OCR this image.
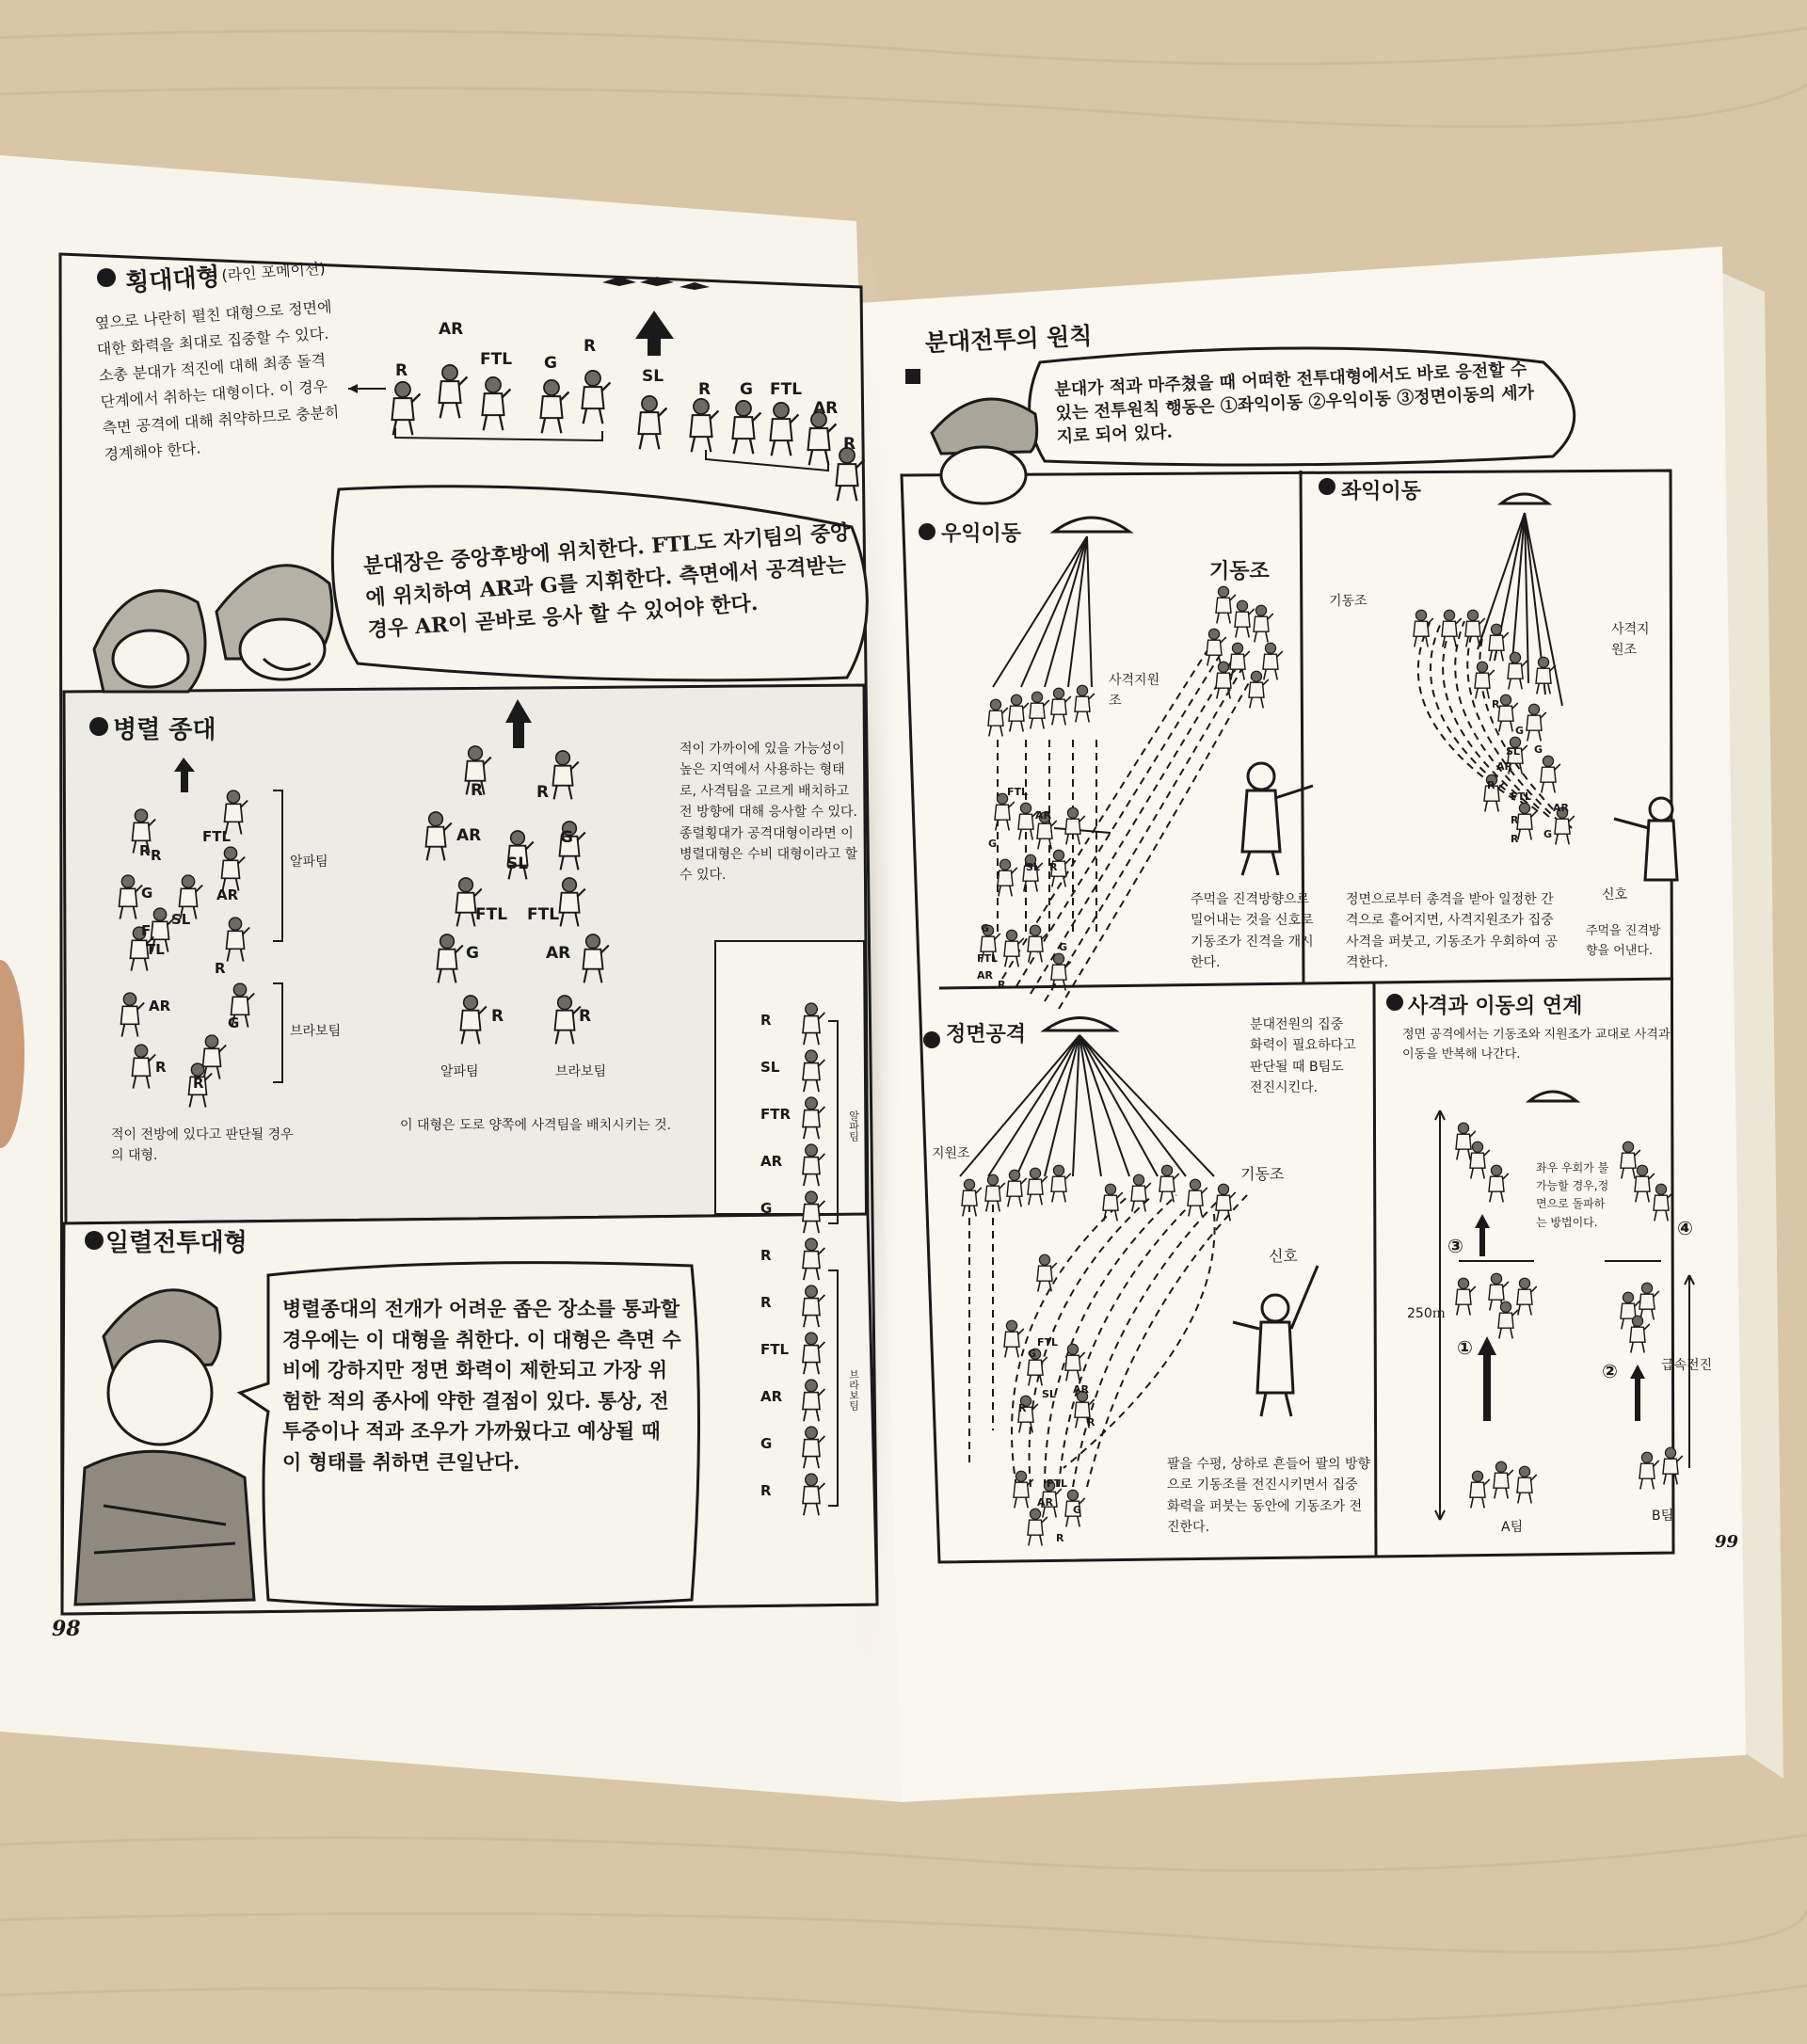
횡대대형 (라인 포메이션)

옆으로 나란히 펼친 대형으로 정면에 대한 화력을 최대로 집중할 수 있다. 소총 분대가 적진에 대해 최종 돌격단계에서 취하는 대형이다. 이 경우 측면 공격에 대해 취약하므로 충분히 경계해야 한다.

R
AR
FTL G
R
SL
R G FTL
AR
R

분대장은 중앙후방에 위치한다. FTL도 자기팀의 중앙에 위치하여 AR과 G를 지휘한다. 측면에서 공격받는 경우 AR이 곧바로 응사 할 수 있어야 한다.

병렬 종대
R
FTL
R
G	AR
SL
F
TL
R
AR
G
R
R
R	R
AR
SL
G
FTL FTL
G	AR
R	R
알파팀
브라보팀

적이 전방에 있다고 판단될 경우의 대형.

알파팀	브라보팀

이 대형은 도로 양쪽에 사격팀을 배치시키는 것.

적이 가까이에 있을 가능성이 높은 지역에서 사용하는 형태로, 사격팀을 고르게 배치하고 전 방향에 대해 응사할 수 있다. 종렬횡대가 공격대형이라면 이 병렬대형은 수비 대형이라고 할 수 있다.

일렬전투대형

병렬종대의 전개가 어려운 좁은 장소를 통과할 경우에는 이 대형을 취한다. 이 대형은 측면 수비에 강하지만 정면 화력이 제한되고 가장 위험한 적의 종사에 약한 결점이 있다. 통상, 전투중이나 적과 조우가 가까웠다고 예상될 때 이 형태를 취하면 큰일난다.

R
SL
FTR
AR
G
R
R
FTL
AR
G
R
알파팀
브라보팀
98
분대전투의 원칙

분대가 적과 마주쳤을 때 어떠한 전투대형에서도 바로 응전할 수 있는 전투원칙 행동은 ①좌익이동 ②우익이동 ③정면이동의 세가지로 되어 있다.

우익이동
기동조
사격지원조

주먹을 진격방향으로 밀어내는 것을 신호로 기동조가 진격을 개시한다.

좌익이동
기동조
사격지원조
신호

정면으로부터 총격을 받아 일정한 간격으로 흩어지면, 사격지원조가 집중사격을 퍼붓고, 기동조가 우회하여 공격한다.

주먹을 진격방향을 어낸다.

정면공격
지원조
기동조
신호

분대전원의 집중 화력이 필요하다고 판단될 때 B팀도 전진시킨다.

팔을 수평, 상하로 흔들어 팔의 방향으로 기동조를 전진시키면서 집중 화력을 퍼붓는 동안에 기동조가 전진한다.

사격과 이동의 연계

정면 공격에서는 기동조와 지원조가 교대로 사격과 이동을 반복해 나간다.

좌우 우회가 불가능할 경우,정면으로 돌파하는 방법이다.

250ｍ
급속전진
A팀
B팀
①
②
③
④
FTL
AR
G
SL R
G
FTL
AR
R
G
R
G
SL G
AR
R
FTL
R
AR
G
R
FTL
G
SL AR
R
R
FTL
AR
G
R	99
